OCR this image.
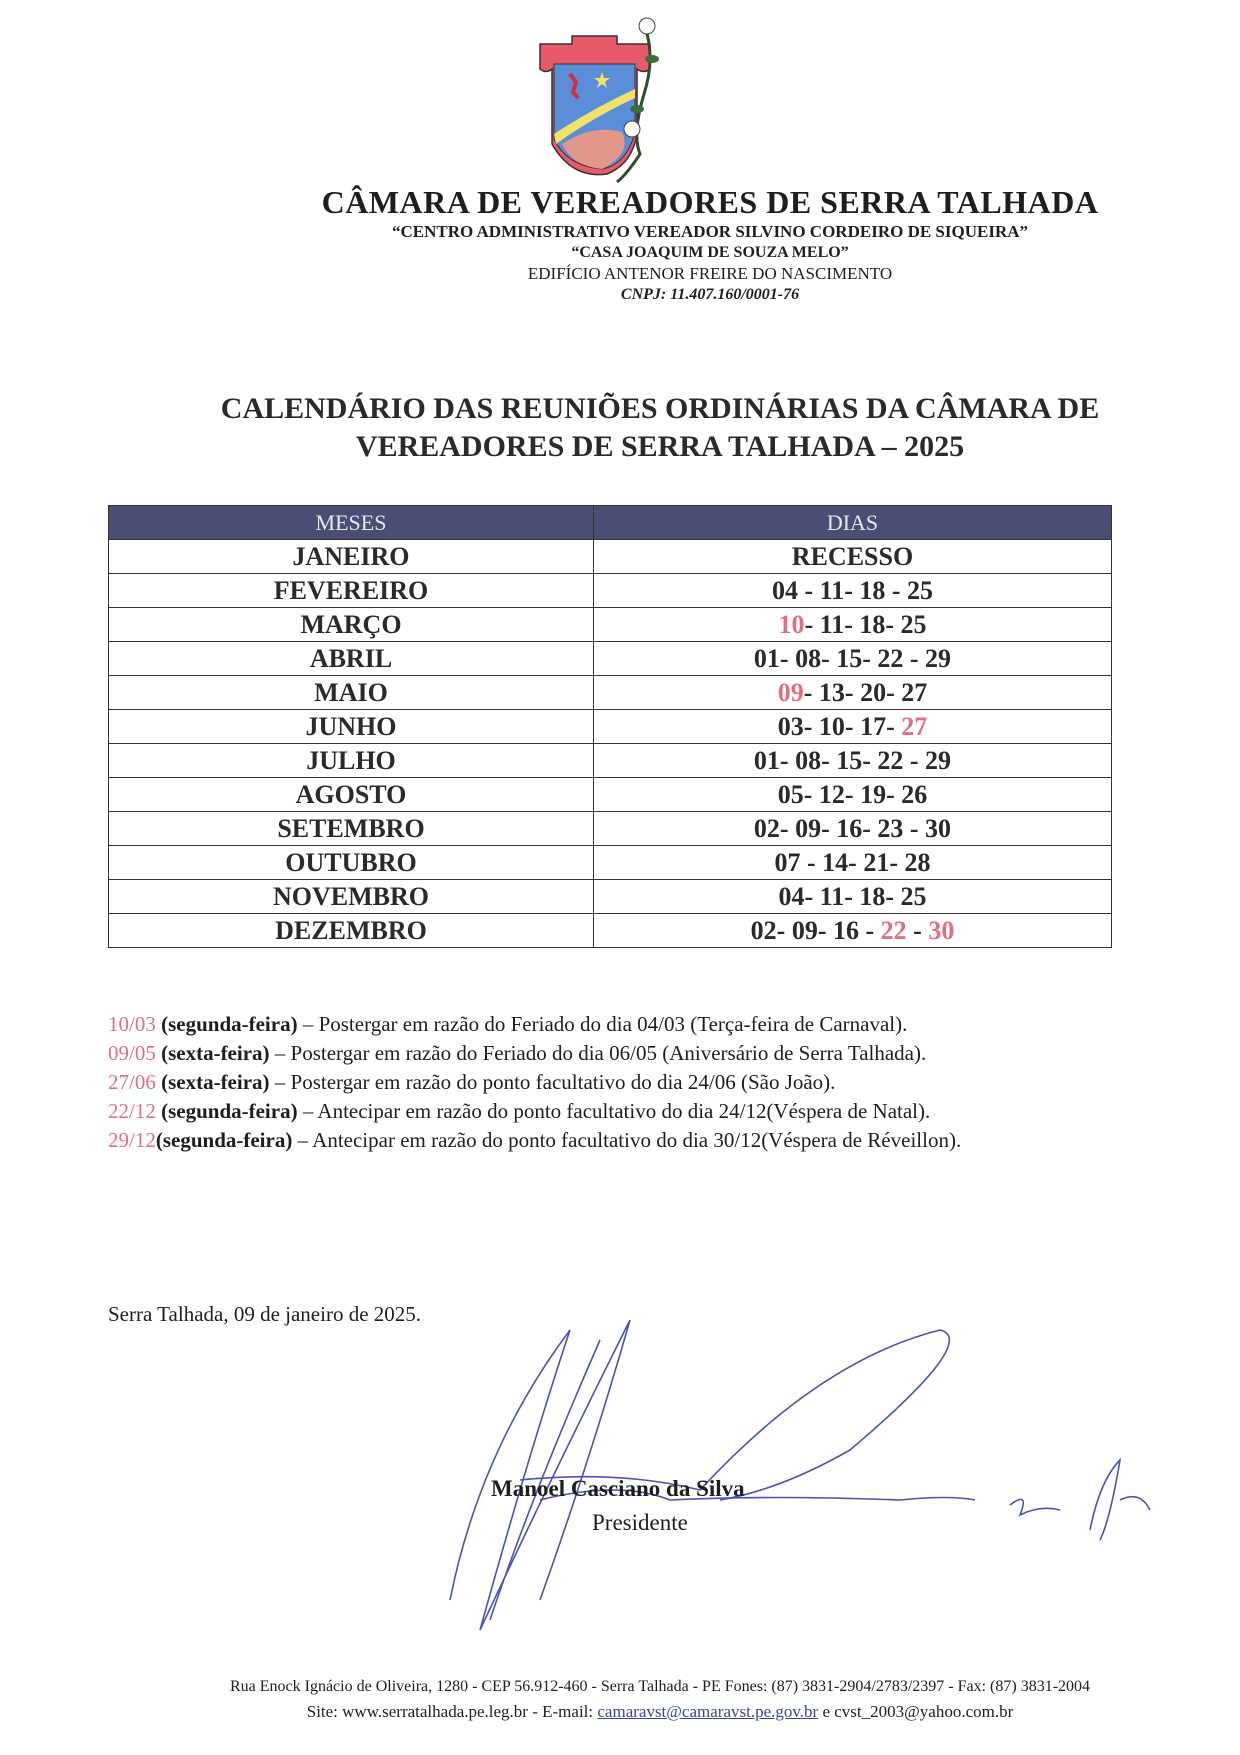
CÂMARA DE VEREADORES DE SERRA TALHADA
“CENTRO ADMINISTRATIVO VEREADOR SILVINO CORDEIRO DE SIQUEIRA”
“CASA JOAQUIM DE SOUZA MELO”
EDIFÍCIO ANTENOR FREIRE DO NASCIMENTO
CNPJ: 11.407.160/0001-76
CALENDÁRIO DAS REUNIÕES ORDINÁRIAS DA CÂMARA DE
VEREADORES DE SERRA TALHADA – 2025
MESES	DIAS
JANEIRO	RECESSO
FEVEREIRO	04 - 11- 18 - 25
MARÇO	10- 11- 18- 25
ABRIL	01- 08- 15- 22 - 29
MAIO	09- 13- 20- 27
JUNHO	03- 10- 17- 27
JULHO	01- 08- 15- 22 - 29
AGOSTO	05- 12- 19- 26
SETEMBRO	02- 09- 16- 23 - 30
OUTUBRO	07 - 14- 21- 28
NOVEMBRO	04- 11- 18- 25
DEZEMBRO	02- 09- 16 - 22 - 30
10/03 (segunda-feira) – Postergar em razão do Feriado do dia 04/03 (Terça-feira de Carnaval).
09/05 (sexta-feira) – Postergar em razão do Feriado do dia 06/05 (Aniversário de Serra Talhada).
27/06 (sexta-feira) – Postergar em razão do ponto facultativo do dia 24/06 (São João).
22/12 (segunda-feira) – Antecipar em razão do ponto facultativo do dia 24/12(Véspera de Natal).
29/12(segunda-feira) – Antecipar em razão do ponto facultativo do dia 30/12(Véspera de Réveillon).
Serra Talhada, 09 de janeiro de 2025.
Manoel Casciano da Silva
Presidente
Rua Enock Ignácio de Oliveira, 1280 - CEP 56.912-460 - Serra Talhada - PE Fones: (87) 3831-2904/2783/2397 - Fax: (87) 3831-2004
Site: www.serratalhada.pe.leg.br - E-mail: camaravst@camaravst.pe.gov.br e cvst_2003@yahoo.com.br
